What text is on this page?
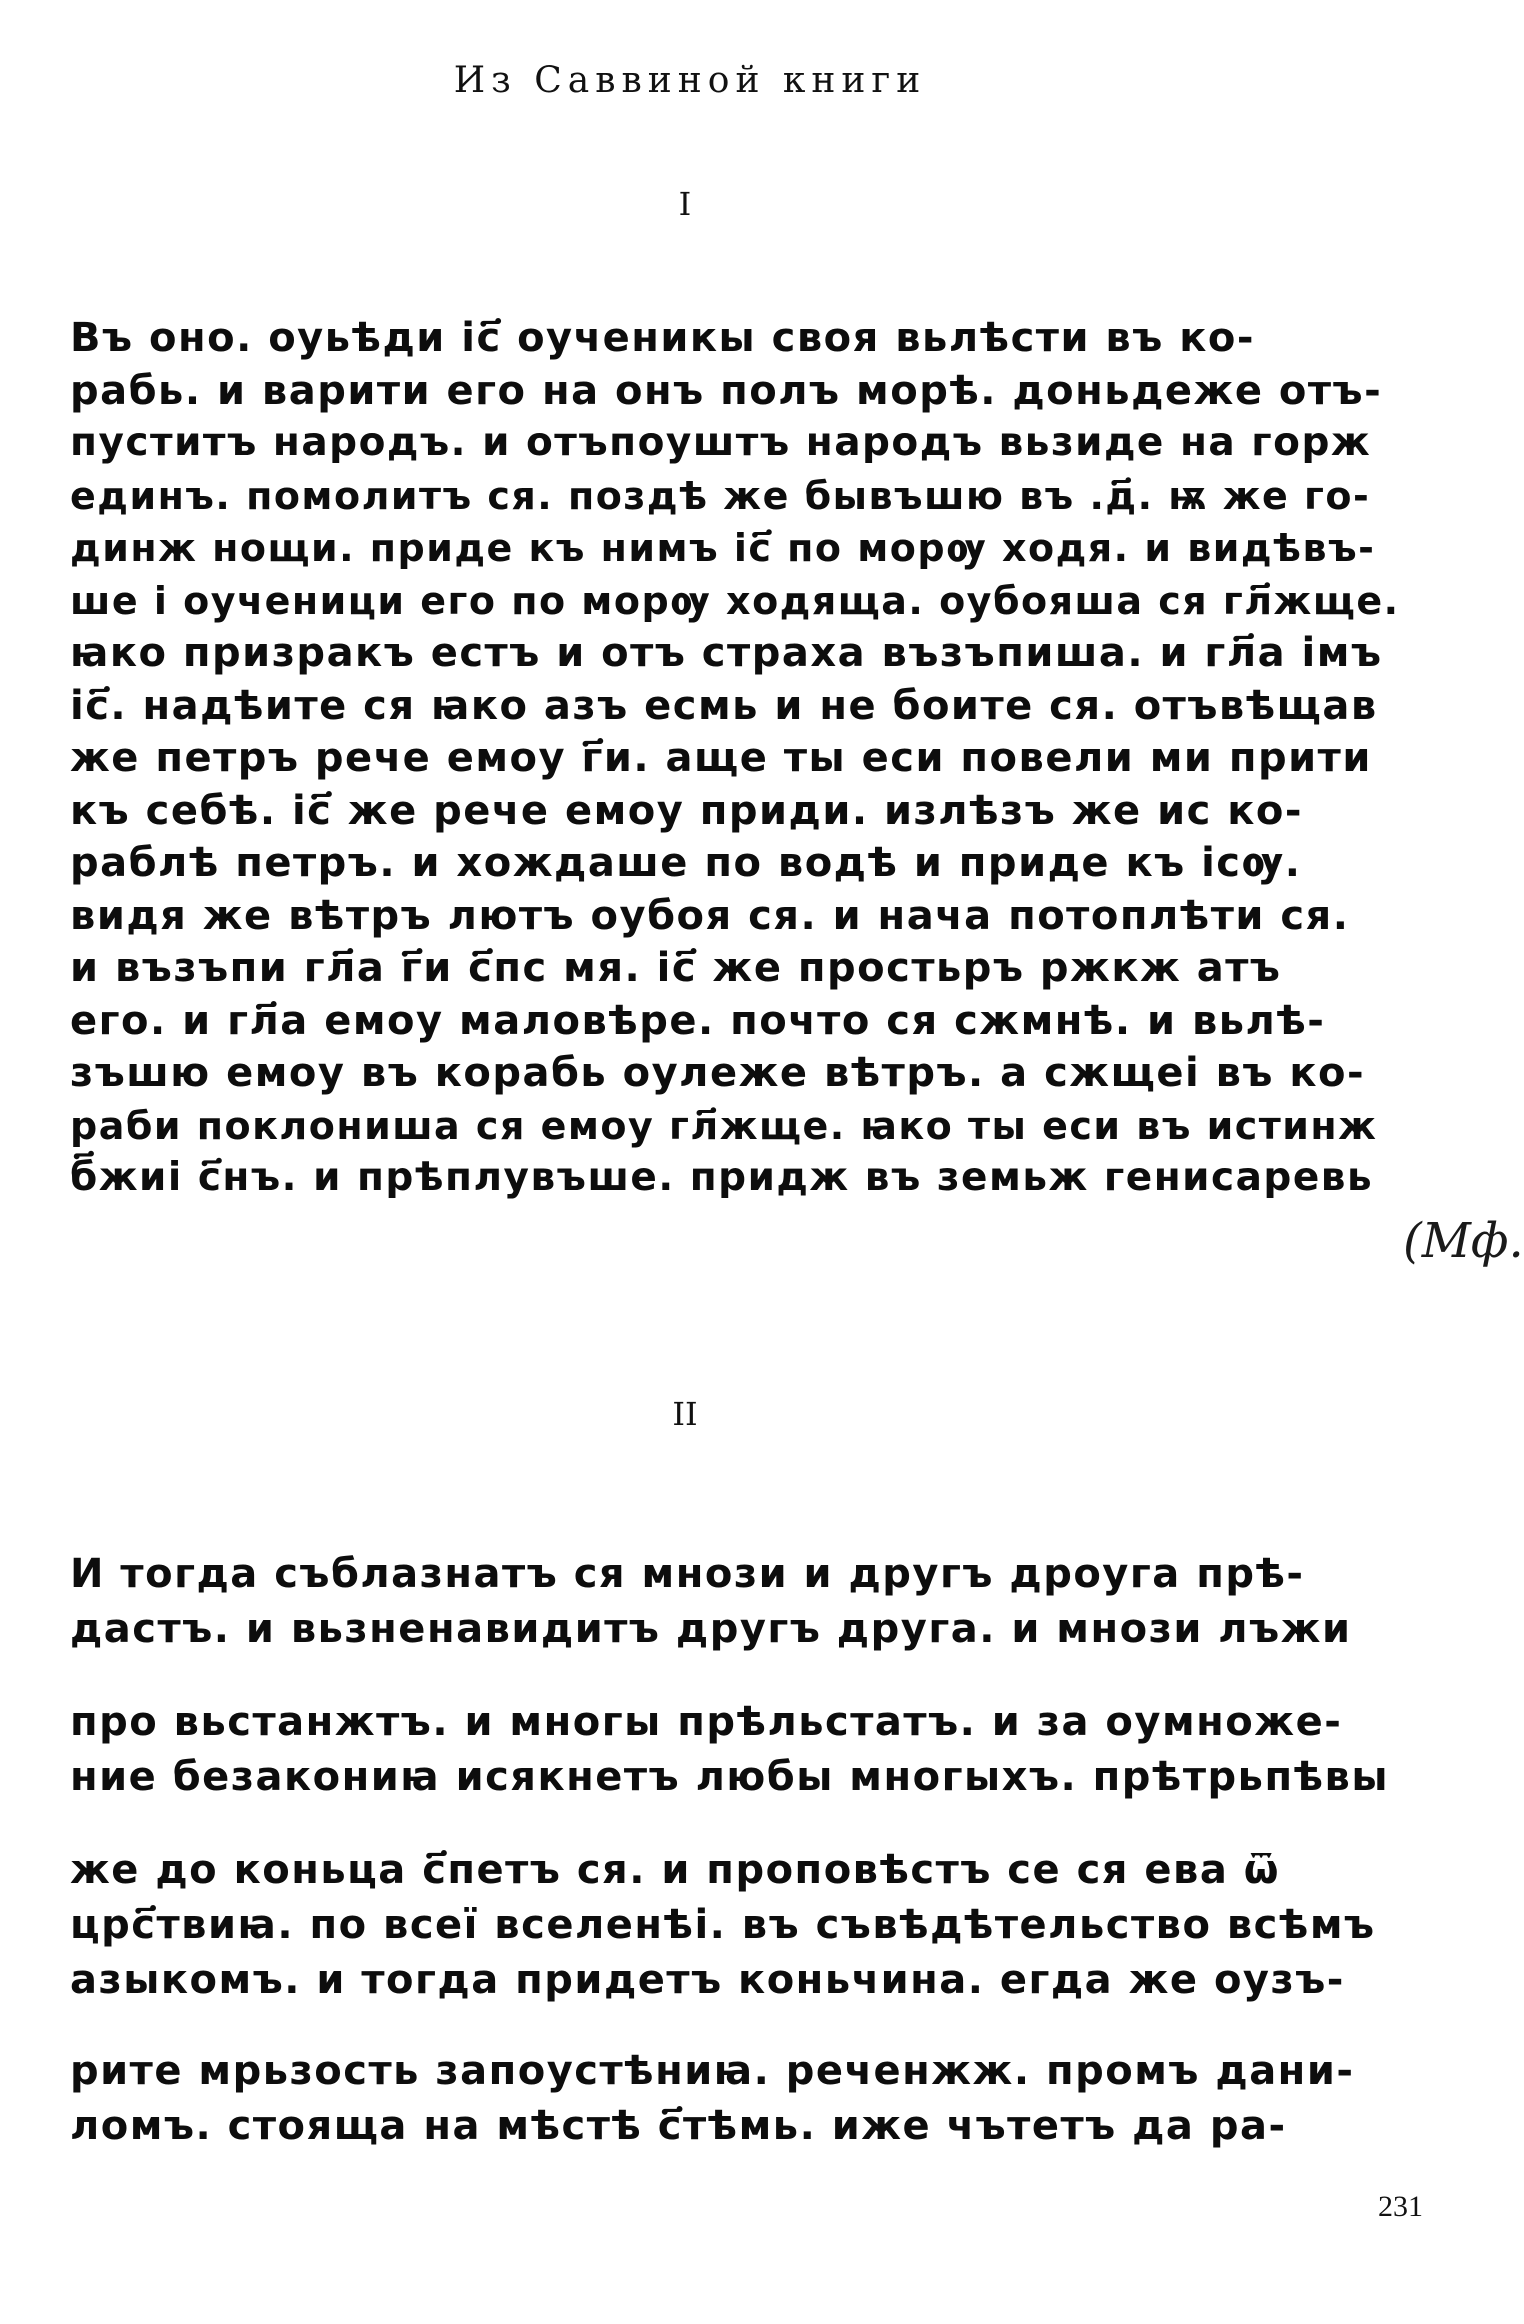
Из Саввиной книги
I
Въ оно. оуьѣди іс҃ оученикы своя вьлѣсти въ ко-
рабь. и варити его на онъ полъ морѣ. доньдеже отъ-
пуститъ народъ. и отъпоуштъ народъ вьзиде на горж
единъ. помолитъ ся. поздѣ же бывъшю въ .д҃. ѭ же го-
динж нощи. приде къ нимъ іс҃ по морѹ ходя. и видѣвъ-
ше і оученици его по морѹ ходяща. оубояша ся гл҃жще.
ꙗко призракъ естъ и отъ страха възъпиша. и гл҃а імъ
іс҃. надѣите ся ꙗко азъ есмь и не боите ся. отъвѣщав
же петръ рече емоу г҃и. аще ты еси повели ми прити
къ себѣ. іс҃ же рече емоу приди. излѣзъ же ис ко-
раблѣ петръ. и хождаше по водѣ и приде къ ісѹ.
видя же вѣтръ лютъ оубоя ся. и нача потоплѣти ся.
и възъпи гл҃а г҃и с҃пс мя. іс҃ же простьръ ржкж атъ
его. и гл҃а емоу маловѣре. почто ся сжмнѣ. и вьлѣ-
зъшю емоу въ корабь оулеже вѣтръ. а сжщеі въ ко-
раби поклониша ся емоу гл҃жще. ꙗко ты еси въ истинж
б҃жиі с҃нъ. и прѣплувъше. придж въ земьж генисаревь
(Мф.
II
И тогда съблазнатъ ся мнози и другъ дроуга прѣ-
дастъ. и вьзненавидитъ другъ друга. и мнози лъжи
про вьстанжтъ. и многы прѣльстатъ. и за оумноже-
ние безакониꙗ исякнетъ любы многыхъ. прѣтрьпѣвы
же до коньца с҃петъ ся. и проповѣстъ се ся ева ѿ
црс҃твиꙗ. по всеї вселенѣі. въ съвѣдѣтельство всѣмъ
азыкомъ. и тогда придетъ коньчина. егда же оузъ-
рите мрьзость запоустѣниꙗ. реченжж. промъ дани-
ломъ. стояща на мѣстѣ с҃тѣмь. иже чътетъ да ра-
231
